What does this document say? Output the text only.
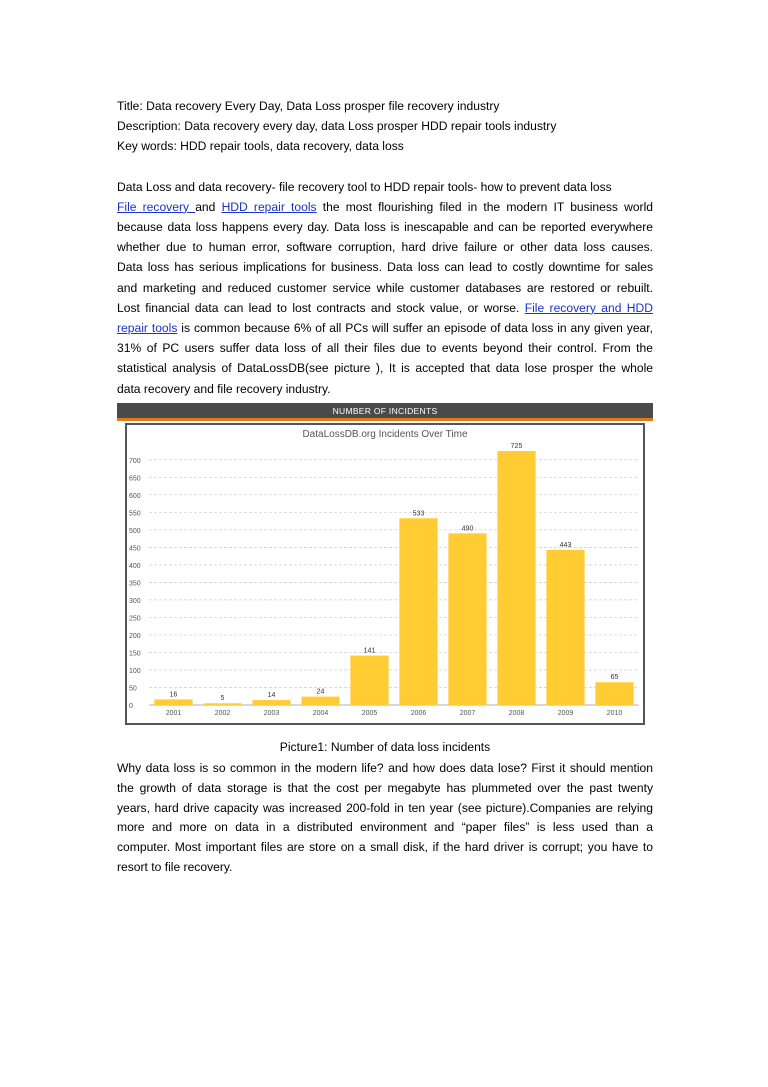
Title: Data recovery Every Day, Data Loss prosper file recovery industry
Description: Data recovery every day, data Loss prosper HDD repair tools industry
Key words: HDD repair tools, data recovery, data loss
Data Loss and data recovery- file recovery tool to HDD repair tools- how to prevent data loss
File recovery and HDD repair tools the most flourishing filed in the modern IT business world
because data loss happens every day. Data loss is inescapable and can be reported everywhere
whether due to human error, software corruption, hard drive failure or other data loss causes.
Data loss has serious implications for business. Data loss can lead to costly downtime for sales
and marketing and reduced customer service while customer databases are restored or rebuilt.
Lost financial data can lead to lost contracts and stock value, or worse. File recovery and HDD
repair tools is common because 6% of all PCs will suffer an episode of data loss in any given year,
31% of PC users suffer data loss of all their files due to events beyond their control. From the
statistical analysis of DataLossDB(see picture ), It is accepted that data lose prosper the whole
data recovery and file recovery industry.
NUMBER OF INCIDENTS
DataLossDB.org Incidents Over Time
0
50
100
150
200
250
300
350
400
450
500
550
600
650
700
16
2001
5
2002
14
2003
24
2004
141
2005
533
2006
490
2007
725
2008
443
2009
65
2010
Picture1: Number of data loss incidents
Why data loss is so common in the modern life? and how does data lose? First it should mention
the growth of data storage is that the cost per megabyte has plummeted over the past twenty
years, hard drive capacity was increased 200-fold in ten year (see picture).Companies are relying
more and more on data in a distributed environment and “paper files” is less used than a
computer. Most important files are store on a small disk, if the hard driver is corrupt; you have to
resort to file recovery.
